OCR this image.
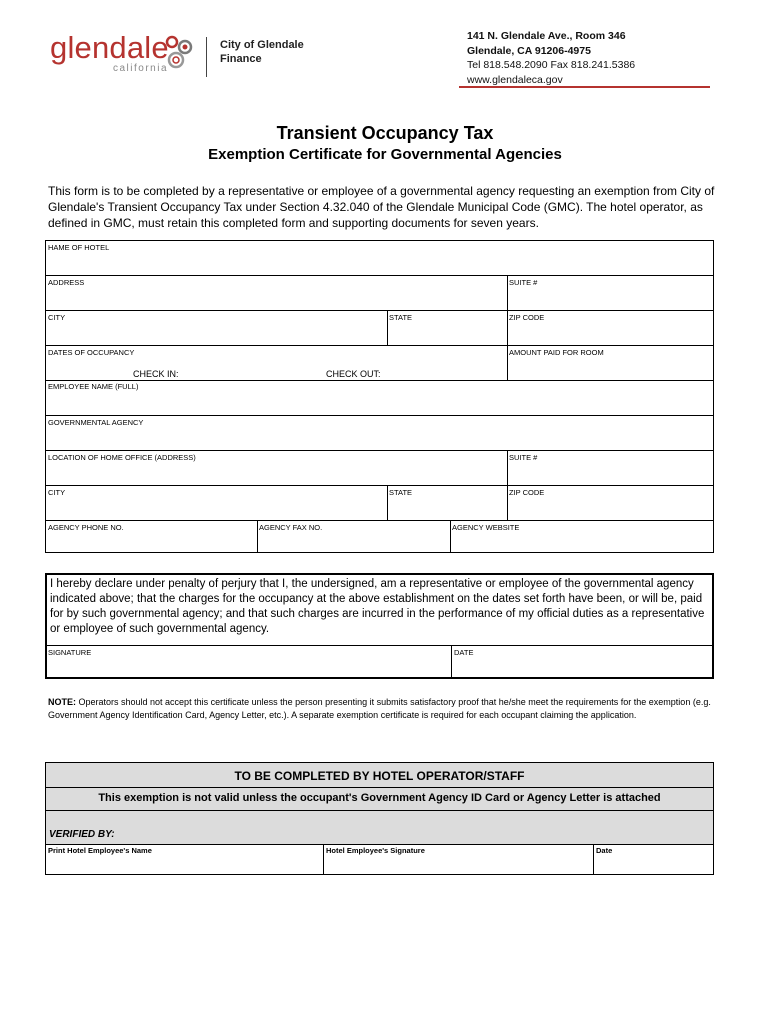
glendale
california
City of Glendale
Finance
141 N. Glendale Ave., Room 346
Glendale, CA 91206-4975
Tel 818.548.2090 Fax 818.241.5386
www.glendaleca.gov
Transient Occupancy Tax
Exemption Certificate for Governmental Agencies
This form is to be completed by a representative or employee of a governmental agency requesting an exemption from City of Glendale's Transient Occupancy Tax under Section 4.32.040 of the Glendale Municipal Code (GMC). The hotel operator, as defined in GMC, must retain this completed form and supporting documents for seven years.
HAME OF HOTEL
ADDRESS	SUITE #
CITY	STATE	ZIP CODE
DATES OF OCCUPANCY	AMOUNT PAID FOR ROOM
CHECK IN:	CHECK OUT:
EMPLOYEE NAME (FULL)
GOVERNMENTAL AGENCY
LOCATION OF HOME OFFICE (ADDRESS)	SUITE #
CITY	STATE	ZIP CODE
AGENCY PHONE NO.	AGENCY FAX NO.	AGENCY WEBSITE
I hereby declare under penalty of perjury that I, the undersigned, am a representative or employee of the governmental agency indicated above; that the charges for the occupancy at the above establishment on the dates set forth have been, or will be, paid for by such governmental agency; and that such charges are incurred in the performance of my official duties as a representative or employee of such governmental agency.
SIGNATURE	DATE
NOTE: Operators should not accept this certificate unless the person presenting it submits satisfactory proof that he/she meet the requirements for the exemption (e.g. Government Agency Identification Card, Agency Letter, etc.). A separate exemption certificate is required for each occupant claiming the application.
TO BE COMPLETED BY HOTEL OPERATOR/STAFF
This exemption is not valid unless the occupant's Government Agency ID Card or Agency Letter is attached
VERIFIED BY:
Print Hotel Employee's Name	Hotel Employee's Signature	Date
